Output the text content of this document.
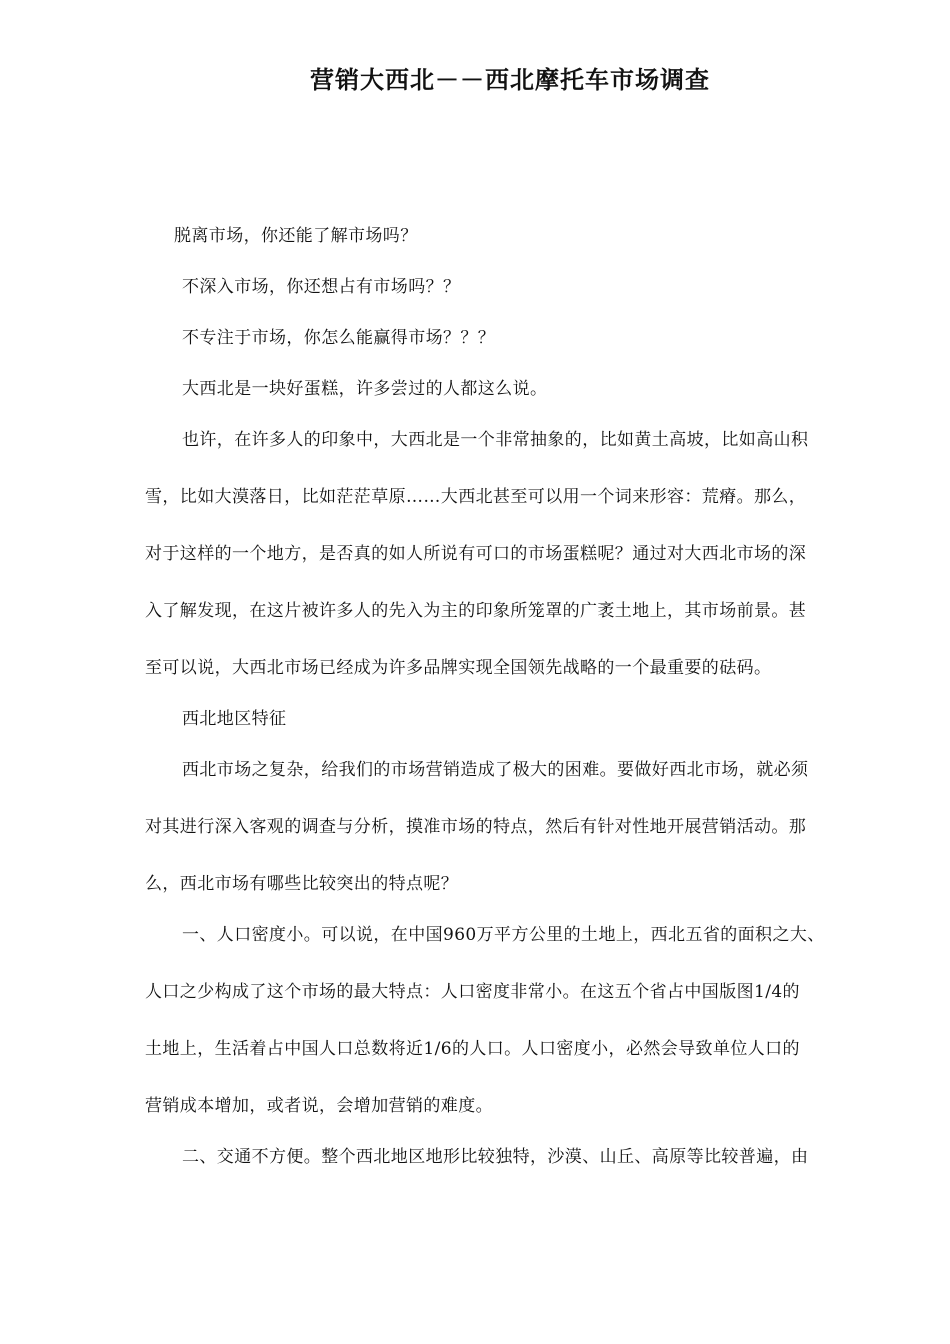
营销大西北－－西北摩托车市场调查

脱离市场，你还能了解市场吗？

不深入市场，你还想占有市场吗？？

不专注于市场，你怎么能赢得市场？？？

大西北是一块好蛋糕，许多尝过的人都这么说。

也许，在许多人的印象中，大西北是一个非常抽象的，比如黄土高坡，比如高山积

雪，比如大漠落日，比如茫茫草原……大西北甚至可以用一个词来形容：荒瘠。那么，

对于这样的一个地方，是否真的如人所说有可口的市场蛋糕呢？通过对大西北市场的深

入了解发现，在这片被许多人的先入为主的印象所笼罩的广袤土地上，其市场前景。甚

至可以说，大西北市场已经成为许多品牌实现全国领先战略的一个最重要的砝码。

西北地区特征

西北市场之复杂，给我们的市场营销造成了极大的困难。要做好西北市场，就必须

对其进行深入客观的调查与分析，摸准市场的特点，然后有针对性地开展营销活动。那

么，西北市场有哪些比较突出的特点呢？

一、人口密度小。可以说，在中国960万平方公里的土地上，西北五省的面积之大、

人口之少构成了这个市场的最大特点：人口密度非常小。在这五个省占中国版图1/4的

土地上，生活着占中国人口总数将近1/6的人口。人口密度小，必然会导致单位人口的

营销成本增加，或者说，会增加营销的难度。

二、交通不方便。整个西北地区地形比较独特，沙漠、山丘、高原等比较普遍，由
